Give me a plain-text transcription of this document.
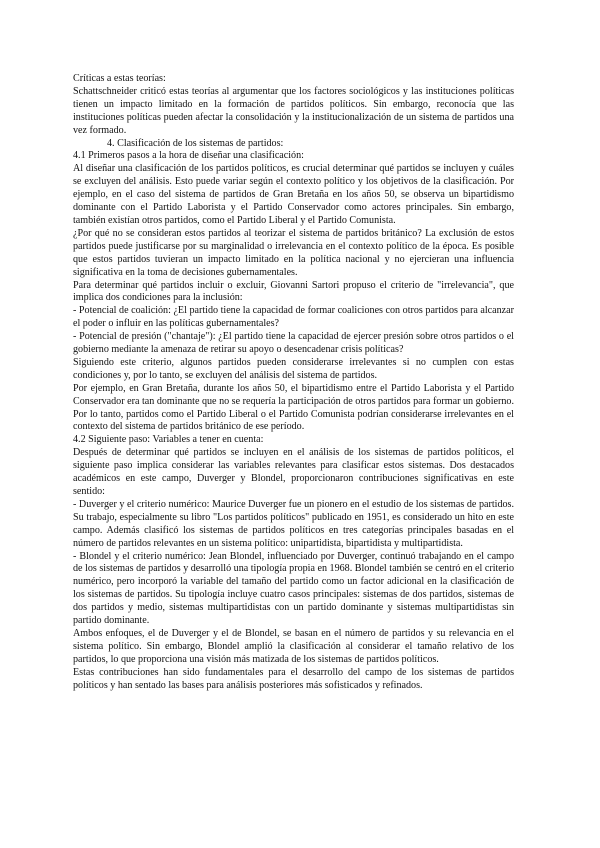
Críticas a estas teorías:

Schattschneider criticó estas teorías al argumentar que los factores sociológicos y las instituciones políticas tienen un impacto limitado en la formación de partidos políticos. Sin embargo, reconocía que las instituciones políticas pueden afectar la consolidación y la institucionalización de un sistema de partidos una vez formado.

4. Clasificación de los sistemas de partidos:

4.1 Primeros pasos a la hora de diseñar una clasificación:

Al diseñar una clasificación de los partidos políticos, es crucial determinar qué partidos se incluyen y cuáles se excluyen del análisis. Esto puede variar según el contexto político y los objetivos de la clasificación. Por ejemplo, en el caso del sistema de partidos de Gran Bretaña en los años 50, se observa un bipartidismo dominante con el Partido Laborista y el Partido Conservador como actores principales. Sin embargo, también existían otros partidos, como el Partido Liberal y el Partido Comunista.

¿Por qué no se consideran estos partidos al teorizar el sistema de partidos británico? La exclusión de estos partidos puede justificarse por su marginalidad o irrelevancia en el contexto político de la época. Es posible que estos partidos tuvieran un impacto limitado en la política nacional y no ejercieran una influencia significativa en la toma de decisiones gubernamentales.

Para determinar qué partidos incluir o excluir, Giovanni Sartori propuso el criterio de "irrelevancia", que implica dos condiciones para la inclusión:

- Potencial de coalición: ¿El partido tiene la capacidad de formar coaliciones con otros partidos para alcanzar el poder o influir en las políticas gubernamentales?

- Potencial de presión ("chantaje"): ¿El partido tiene la capacidad de ejercer presión sobre otros partidos o el gobierno mediante la amenaza de retirar su apoyo o desencadenar crisis políticas?

Siguiendo este criterio, algunos partidos pueden considerarse irrelevantes si no cumplen con estas condiciones y, por lo tanto, se excluyen del análisis del sistema de partidos.

Por ejemplo, en Gran Bretaña, durante los años 50, el bipartidismo entre el Partido Laborista y el Partido Conservador era tan dominante que no se requería la participación de otros partidos para formar un gobierno. Por lo tanto, partidos como el Partido Liberal o el Partido Comunista podrían considerarse irrelevantes en el contexto del sistema de partidos británico de ese período.

4.2 Siguiente paso: Variables a tener en cuenta:

Después de determinar qué partidos se incluyen en el análisis de los sistemas de partidos políticos, el siguiente paso implica considerar las variables relevantes para clasificar estos sistemas. Dos destacados académicos en este campo, Duverger y Blondel, proporcionaron contribuciones significativas en este sentido:

- Duverger y el criterio numérico: Maurice Duverger fue un pionero en el estudio de los sistemas de partidos. Su trabajo, especialmente su libro "Los partidos políticos" publicado en 1951, es considerado un hito en este campo. Además clasificó los sistemas de partidos políticos en tres categorías principales basadas en el número de partidos relevantes en un sistema político: unipartidista, bipartidista y multipartidista.

- Blondel y el criterio numérico: Jean Blondel, influenciado por Duverger, continuó trabajando en el campo de los sistemas de partidos y desarrolló una tipología propia en 1968. Blondel también se centró en el criterio numérico, pero incorporó la variable del tamaño del partido como un factor adicional en la clasificación de los sistemas de partidos. Su tipología incluye cuatro casos principales: sistemas de dos partidos, sistemas de dos partidos y medio, sistemas multipartidistas con un partido dominante y sistemas multipartidistas sin partido dominante.

Ambos enfoques, el de Duverger y el de Blondel, se basan en el número de partidos y su relevancia en el sistema político. Sin embargo, Blondel amplió la clasificación al considerar el tamaño relativo de los partidos, lo que proporciona una visión más matizada de los sistemas de partidos políticos.

Estas contribuciones han sido fundamentales para el desarrollo del campo de los sistemas de partidos políticos y han sentado las bases para análisis posteriores más sofisticados y refinados.
